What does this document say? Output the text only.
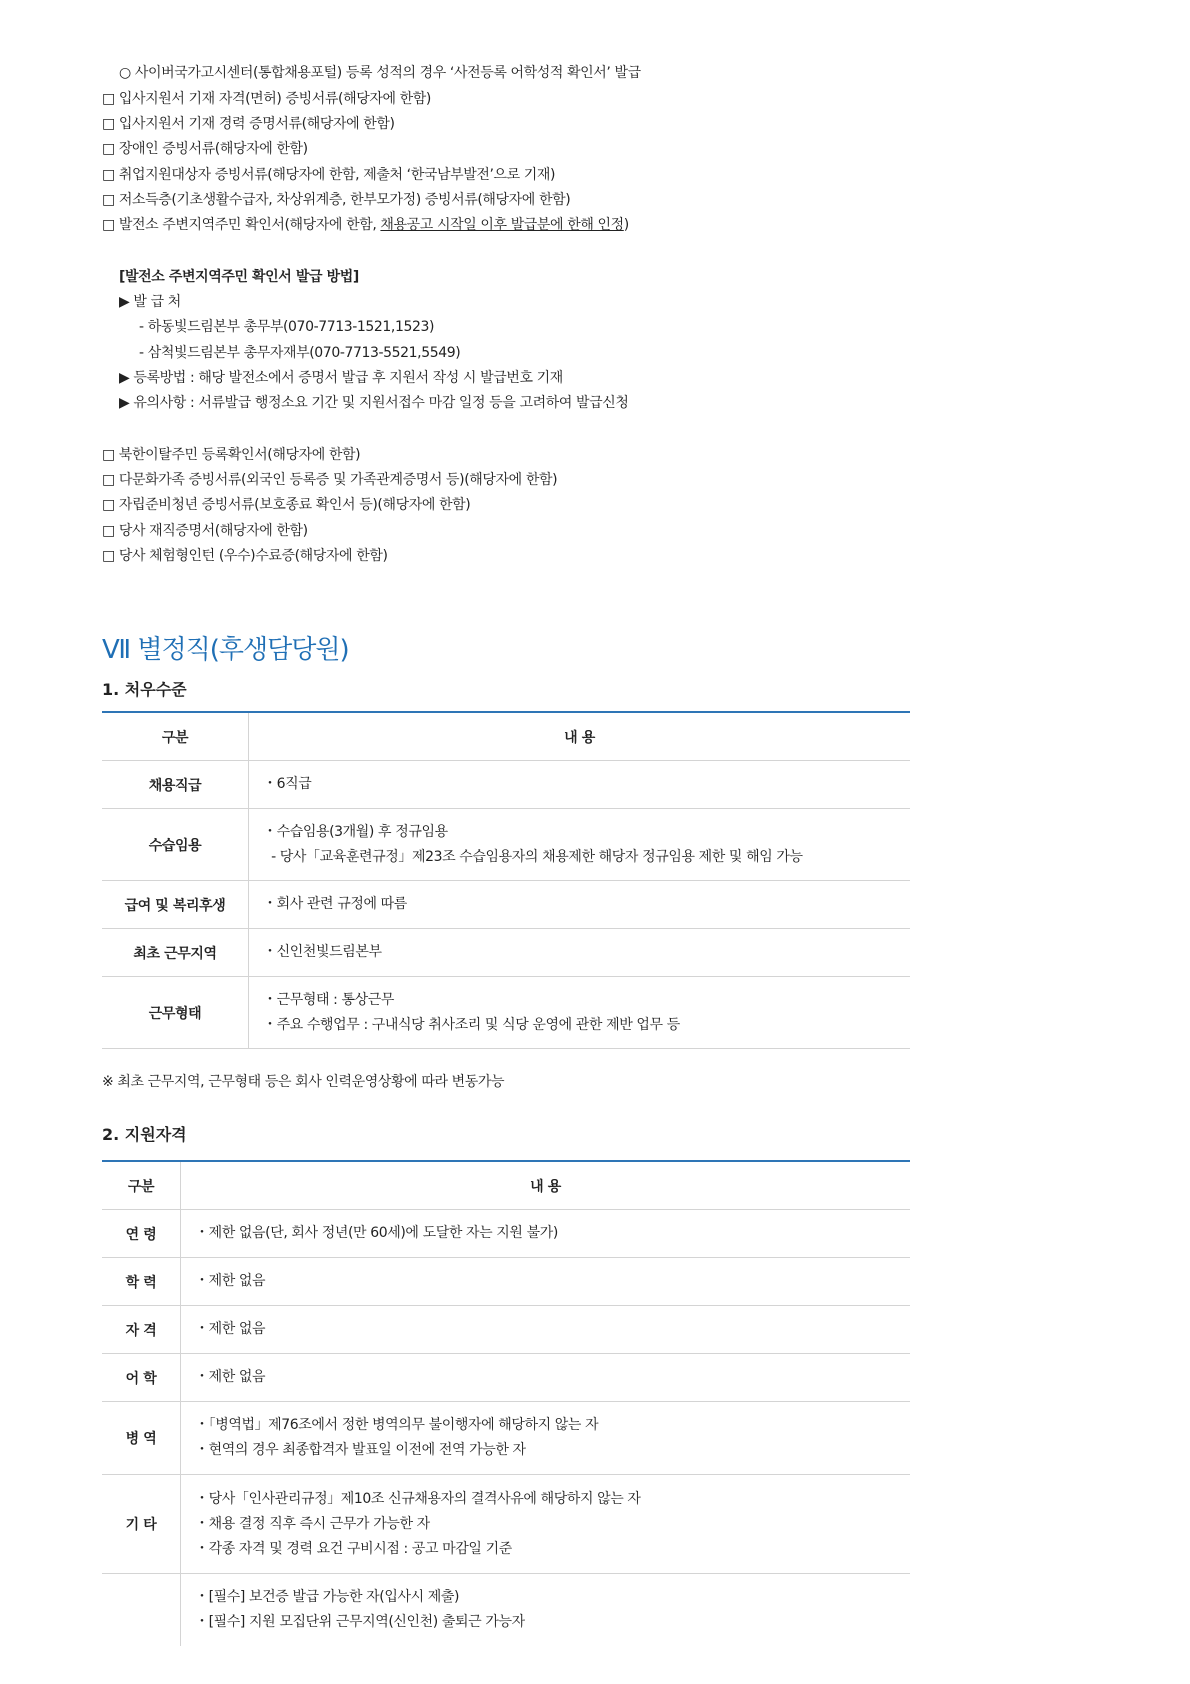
○ 사이버국가고시센터(통합채용포털) 등록 성적의 경우 ‘사전등록 어학성적 확인서’ 발급
□ 입사지원서 기재 자격(면허) 증빙서류(해당자에 한함)
□ 입사지원서 기재 경력 증명서류(해당자에 한함)
□ 장애인 증빙서류(해당자에 한함)
□ 취업지원대상자 증빙서류(해당자에 한함, 제출처 ‘한국남부발전’으로 기재)
□ 저소득층(기초생활수급자, 차상위계층, 한부모가정) 증빙서류(해당자에 한함)
□ 발전소 주변지역주민 확인서(해당자에 한함, 채용공고 시작일 이후 발급분에 한해 인정)
[발전소 주변지역주민 확인서 발급 방법]
▶ 발 급 처
- 하동빛드림본부 총무부(070-7713-1521,1523)
- 삼척빛드림본부 총무자재부(070-7713-5521,5549)
▶ 등록방법 : 해당 발전소에서 증명서 발급 후 지원서 작성 시 발급번호 기재
▶ 유의사항 : 서류발급 행정소요 기간 및 지원서접수 마감 일정 등을 고려하여 발급신청
□ 북한이탈주민 등록확인서(해당자에 한함)
□ 다문화가족 증빙서류(외국인 등록증 및 가족관계증명서 등)(해당자에 한함)
□ 자립준비청년 증빙서류(보호종료 확인서 등)(해당자에 한함)
□ 당사 재직증명서(해당자에 한함)
□ 당사 체험형인턴 (우수)수료증(해당자에 한함)
Ⅶ 별정직(후생담당원)
1. 처우수준
구분	내 용
채용직급	・6직급

수습임용	・수습임용(3개월) 후 정규임용
- 당사「교육훈련규정」제23조 수습임용자의 채용제한 해당자 정규임용 제한 및 해임 가능

급여 및 복리후생	・회사 관련 규정에 따름

최초 근무지역	・신인천빛드림본부

근무형태	・근무형태 : 통상근무
・주요 수행업무 : 구내식당 취사조리 및 식당 운영에 관한 제반 업무 등
※ 최초 근무지역, 근무형태 등은 회사 인력운영상황에 따라 변동가능
2. 지원자격
구분	내 용
연 령	・제한 없음(단, 회사 정년(만 60세)에 도달한 자는 지원 불가)

학 력	・제한 없음

자 격	・제한 없음

어 학	・제한 없음

병 역	・「병역법」제76조에서 정한 병역의무 불이행자에 해당하지 않는 자
・현역의 경우 최종합격자 발표일 이전에 전역 가능한 자

기 타	・당사「인사관리규정」제10조 신규채용자의 결격사유에 해당하지 않는 자
・채용 결정 직후 즉시 근무가 가능한 자
・각종 자격 및 경력 요건 구비시점 : 공고 마감일 기준

	・[필수] 보건증 발급 가능한 자(입사시 제출)
・[필수] 지원 모집단위 근무지역(신인천) 출퇴근 가능자
